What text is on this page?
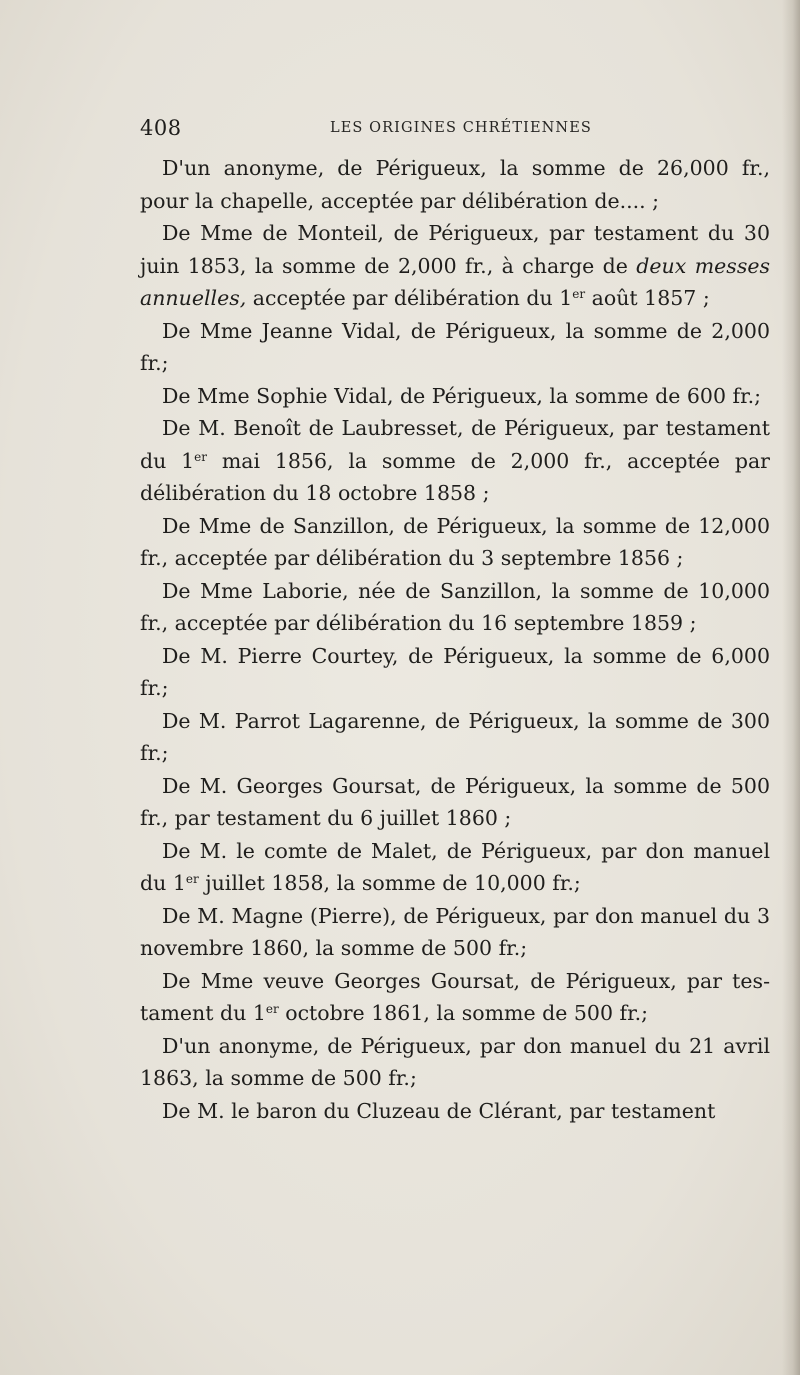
408	LES ORIGINES CHRÉTIENNES

D'un anonyme, de Périgueux, la somme de 26,000 fr., pour la chapelle, acceptée par délibération de.... ;

De Mme de Monteil, de Périgueux, par testament du 30 juin 1853, la somme de 2,000 fr., à charge de deux messes annuelles, acceptée par délibération du 1er août 1857 ;

De Mme Jeanne Vidal, de Périgueux, la somme de 2,000 fr.;

De Mme Sophie Vidal, de Périgueux, la somme de 600 fr.;

De M. Benoît de Laubresset, de Périgueux, par testament du 1er mai 1856, la somme de 2,000 fr., acceptée par délibération du 18 octobre 1858 ;

De Mme de Sanzillon, de Périgueux, la somme de 12,000 fr., acceptée par délibération du 3 septembre 1856 ;

De Mme Laborie, née de Sanzillon, la somme de 10,000 fr., acceptée par délibération du 16 septembre 1859 ;

De M. Pierre Courtey, de Périgueux, la somme de 6,000 fr.;

De M. Parrot Lagarenne, de Périgueux, la somme de 300 fr.;

De M. Georges Goursat, de Périgueux, la somme de 500 fr., par testament du 6 juillet 1860 ;

De M. le comte de Malet, de Périgueux, par don manuel du 1er juillet 1858, la somme de 10,000 fr.;

De M. Magne (Pierre), de Périgueux, par don manuel du 3 novembre 1860, la somme de 500 fr.;

De Mme veuve Georges Goursat, de Périgueux, par testament du 1er octobre 1861, la somme de 500 fr.;

D'un anonyme, de Périgueux, par don manuel du 21 avril 1863, la somme de 500 fr.;

De M. le baron du Cluzeau de Clérant, par testament
